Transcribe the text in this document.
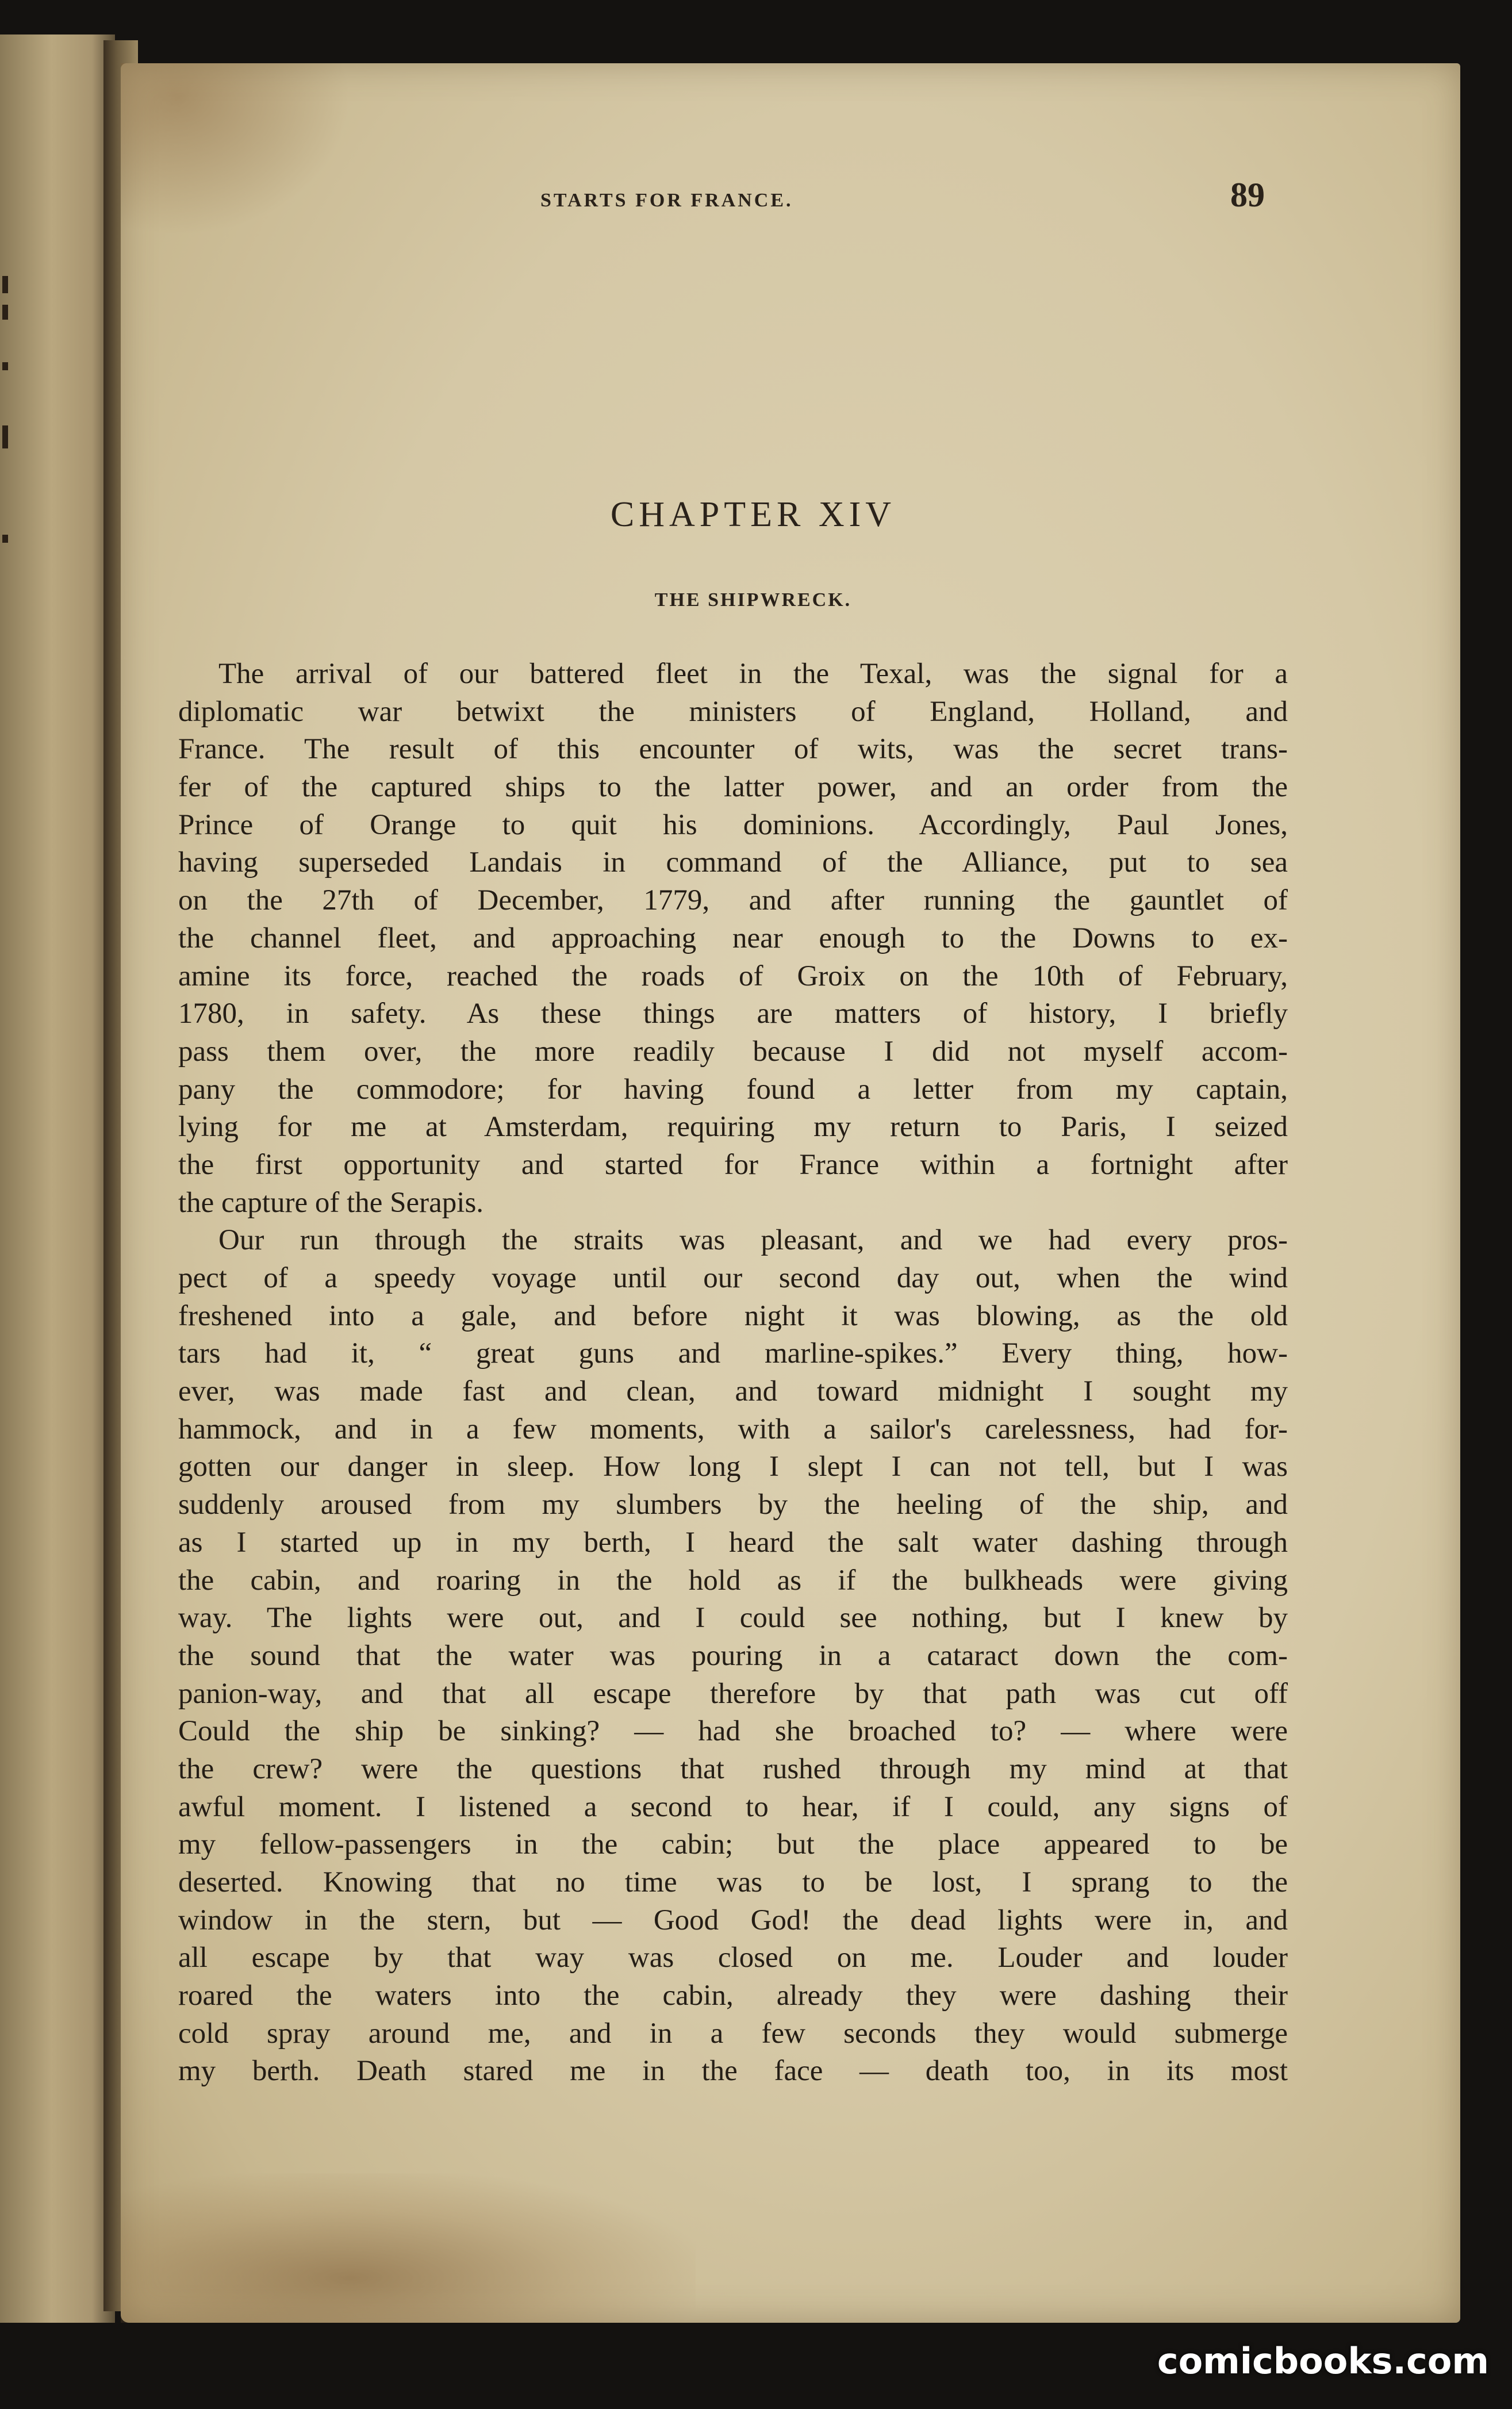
STARTS FOR FRANCE.	89
CHAPTER XIV
THE SHIPWRECK.
The arrival of our battered fleet in the Texal, was the signal for a
diplomatic war betwixt the ministers of England, Holland, and
France. The result of this encounter of wits, was the secret trans-
fer of the captured ships to the latter power, and an order from the
Prince of Orange to quit his dominions. Accordingly, Paul Jones,
having superseded Landais in command of the Alliance, put to sea
on the 27th of December, 1779, and after running the gauntlet of
the channel fleet, and approaching near enough to the Downs to ex-
amine its force, reached the roads of Groix on the 10th of February,
1780, in safety. As these things are matters of history, I briefly
pass them over, the more readily because I did not myself accom-
pany the commodore; for having found a letter from my captain,
lying for me at Amsterdam, requiring my return to Paris, I seized
the first opportunity and started for France within a fortnight after
the capture of the Serapis.
Our run through the straits was pleasant, and we had every pros-
pect of a speedy voyage until our second day out, when the wind
freshened into a gale, and before night it was blowing, as the old
tars had it, “ great guns and marline-spikes.” Every thing, how-
ever, was made fast and clean, and toward midnight I sought my
hammock, and in a few moments, with a sailor's carelessness, had for-
gotten our danger in sleep. How long I slept I can not tell, but I was
suddenly aroused from my slumbers by the heeling of the ship, and
as I started up in my berth, I heard the salt water dashing through
the cabin, and roaring in the hold as if the bulkheads were giving
way. The lights were out, and I could see nothing, but I knew by
the sound that the water was pouring in a cataract down the com-
panion-way, and that all escape therefore by that path was cut off
Could the ship be sinking? — had she broached to? — where were
the crew? were the questions that rushed through my mind at that
awful moment. I listened a second to hear, if I could, any signs of
my fellow-passengers in the cabin; but the place appeared to be
deserted. Knowing that no time was to be lost, I sprang to the
window in the stern, but — Good God! the dead lights were in, and
all escape by that way was closed on me. Louder and louder
roared the waters into the cabin, already they were dashing their
cold spray around me, and in a few seconds they would submerge
my berth. Death stared me in the face — death too, in its most
comicbooks.com
